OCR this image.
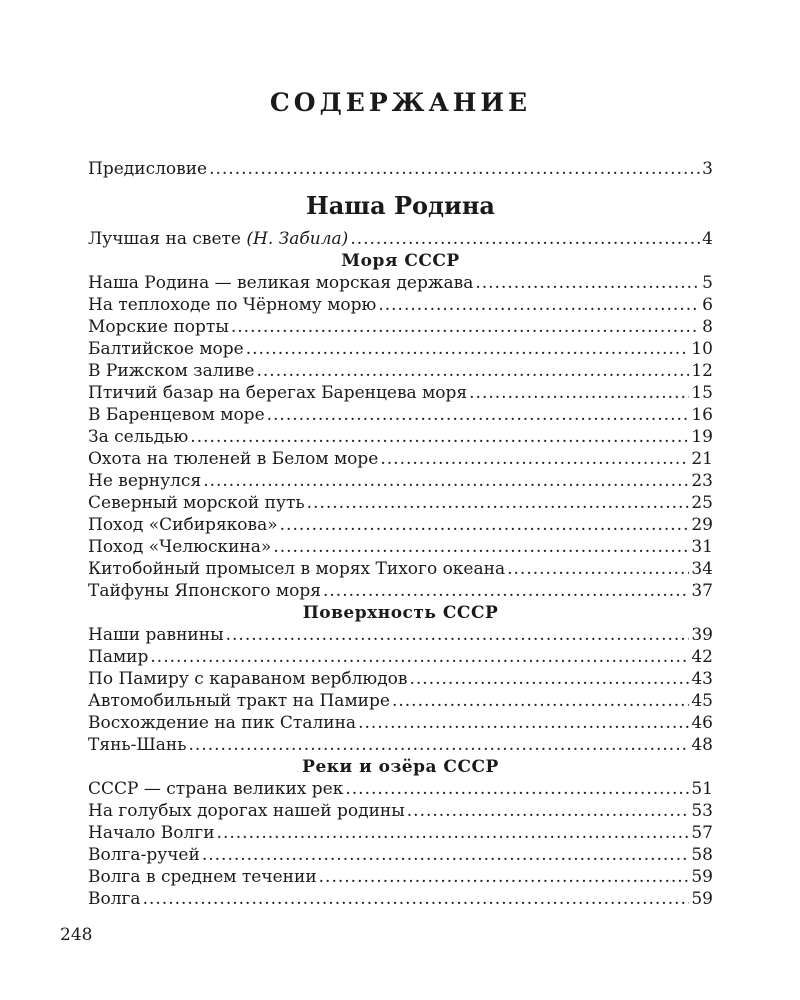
СОДЕРЖАНИЕ
Предисловие .....	3
Наша Родина
Лучшая на свете (Н. Забила) .....	4
Моря СССР
Наша Родина — великая морская держава .....	5
На теплоходе по Чёрному морю .....	6
Морские порты .....	8
Балтийское море .....	10
В Рижском заливе .....	12
Птичий базар на берегах Баренцева моря .....	15
В Баренцевом море .....	16
За сельдью .....	19
Охота на тюленей в Белом море .....	21
Не вернулся .....	23
Северный морской путь .....	25
Поход «Сибирякова» .....	29
Поход «Челюскина» .....	31
Китобойный промысел в морях Тихого океана .....	34
Тайфуны Японского моря .....	37
Поверхность СССР
Наши равнины .....	39
Памир .....	42
По Памиру с караваном верблюдов .....	43
Автомобильный тракт на Памире .....	45
Восхождение на пик Сталина .....	46
Тянь-Шань .....	48
Реки и озёра СССР
СССР — страна великих рек .....	51
На голубых дорогах нашей родины .....	53
Начало Волги .....	57
Волга-ручей .....	58
Волга в среднем течении .....	59
Волга .....	59
248
